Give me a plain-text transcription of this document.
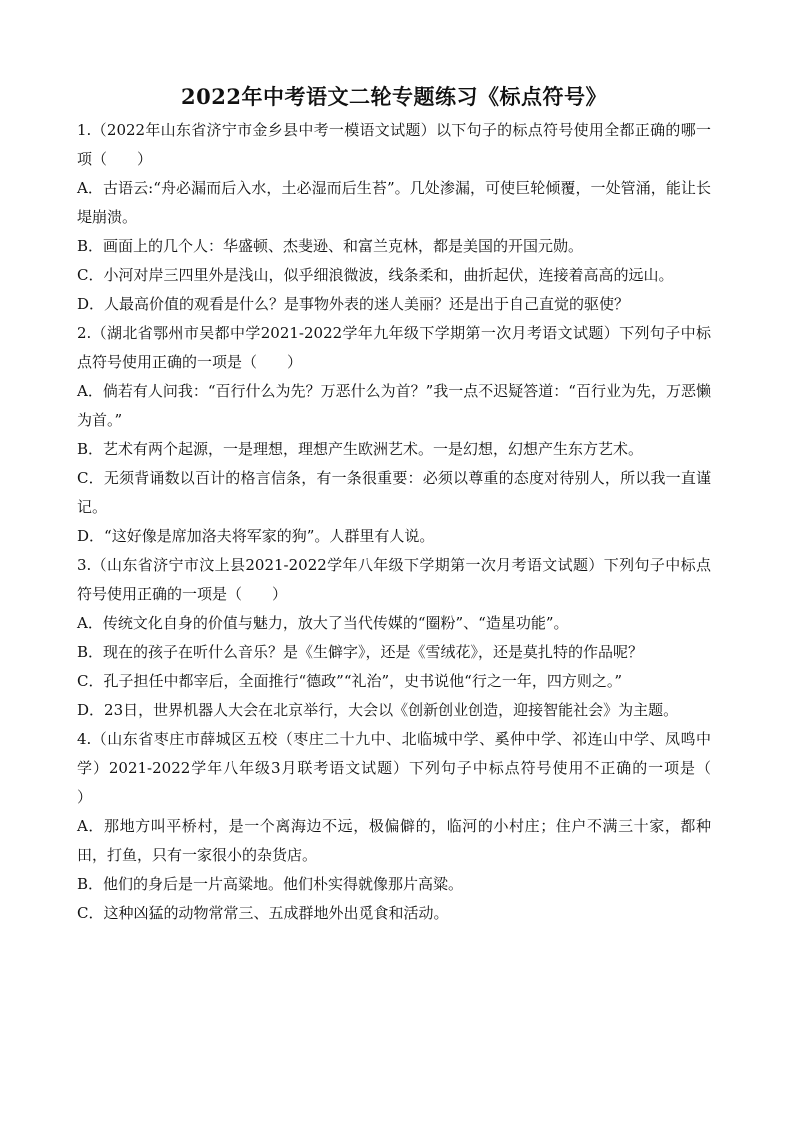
2022年中考语文二轮专题练习《标点符号》

1.（2022年山东省济宁市金乡县中考一模语文试题）以下句子的标点符号使用全都正确的哪一项（　　）

A．古语云:“舟必漏而后入水，土必湿而后生苔”。几处渗漏，可使巨轮倾覆，一处管涌，能让长堤崩溃。

B．画面上的几个人：华盛顿、杰斐逊、和富兰克林，都是美国的开国元勋。

C．小河对岸三四里外是浅山，似乎细浪微波，线条柔和，曲折起伏，连接着高高的远山。

D．人最高价值的观看是什么？是事物外表的迷人美丽？还是出于自己直觉的驱使？

2.（湖北省鄂州市吴都中学2021-2022学年九年级下学期第一次月考语文试题）下列句子中标点符号使用正确的一项是（　　）

A．倘若有人问我：“百行什么为先？万恶什么为首？”我一点不迟疑答道：“百行业为先，万恶懒为首。”

B．艺术有两个起源，一是理想，理想产生欧洲艺术。一是幻想，幻想产生东方艺术。

C．无须背诵数以百计的格言信条，有一条很重要：必须以尊重的态度对待别人，所以我一直谨记。

D．“这好像是席加洛夫将军家的狗”。人群里有人说。

3.（山东省济宁市汶上县2021-2022学年八年级下学期第一次月考语文试题）下列句子中标点符号使用正确的一项是（　　）

A．传统文化自身的价值与魅力，放大了当代传媒的“圈粉”、“造星功能”。

B．现在的孩子在听什么音乐？是《生僻字》，还是《雪绒花》，还是莫扎特的作品呢？

C．孔子担任中都宰后，全面推行“德政”“礼治”，史书说他“行之一年，四方则之。”

D．23日，世界机器人大会在北京举行，大会以《创新创业创造，迎接智能社会》为主题。

4.（山东省枣庄市薛城区五校（枣庄二十九中、北临城中学、奚仲中学、祁连山中学、凤鸣中学）2021-2022学年八年级3月联考语文试题）下列句子中标点符号使用不正确的一项是（　　）

A．那地方叫平桥村，是一个离海边不远，极偏僻的，临河的小村庄；住户不满三十家，都种田，打鱼，只有一家很小的杂货店。

B．他们的身后是一片高粱地。他们朴实得就像那片高粱。

C．这种凶猛的动物常常三、五成群地外出觅食和活动。
